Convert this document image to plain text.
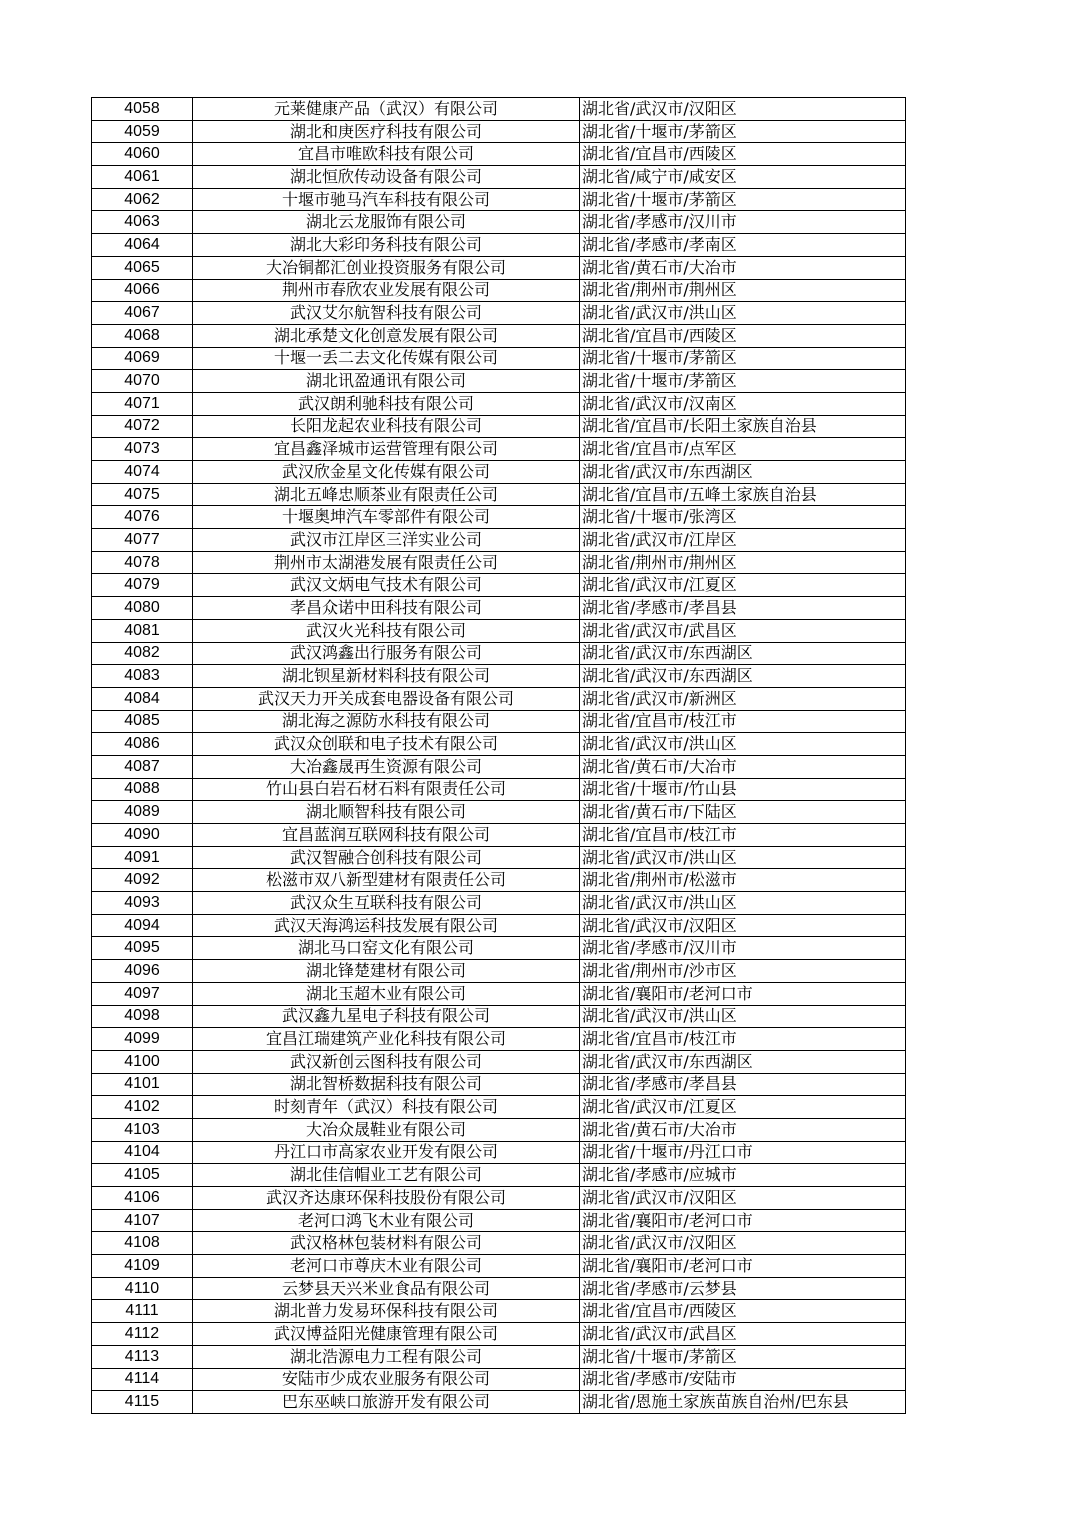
4058	元莱健康产品（武汉）有限公司	湖北省/武汉市/汉阳区
4059	湖北和庚医疗科技有限公司	湖北省/十堰市/茅箭区
4060	宜昌市唯欧科技有限公司	湖北省/宜昌市/西陵区
4061	湖北恒欣传动设备有限公司	湖北省/咸宁市/咸安区
4062	十堰市驰马汽车科技有限公司	湖北省/十堰市/茅箭区
4063	湖北云龙服饰有限公司	湖北省/孝感市/汉川市
4064	湖北大彩印务科技有限公司	湖北省/孝感市/孝南区
4065	大冶铜都汇创业投资服务有限公司	湖北省/黄石市/大冶市
4066	荆州市春欣农业发展有限公司	湖北省/荆州市/荆州区
4067	武汉艾尔航智科技有限公司	湖北省/武汉市/洪山区
4068	湖北承楚文化创意发展有限公司	湖北省/宜昌市/西陵区
4069	十堰一丢二去文化传媒有限公司	湖北省/十堰市/茅箭区
4070	湖北讯盈通讯有限公司	湖北省/十堰市/茅箭区
4071	武汉朗利驰科技有限公司	湖北省/武汉市/汉南区
4072	长阳龙起农业科技有限公司	湖北省/宜昌市/长阳土家族自治县
4073	宜昌鑫泽城市运营管理有限公司	湖北省/宜昌市/点军区
4074	武汉欣金星文化传媒有限公司	湖北省/武汉市/东西湖区
4075	湖北五峰忠顺茶业有限责任公司	湖北省/宜昌市/五峰土家族自治县
4076	十堰奥坤汽车零部件有限公司	湖北省/十堰市/张湾区
4077	武汉市江岸区三洋实业公司	湖北省/武汉市/江岸区
4078	荆州市太湖港发展有限责任公司	湖北省/荆州市/荆州区
4079	武汉文炳电气技术有限公司	湖北省/武汉市/江夏区
4080	孝昌众诺中田科技有限公司	湖北省/孝感市/孝昌县
4081	武汉火光科技有限公司	湖北省/武汉市/武昌区
4082	武汉鸿鑫出行服务有限公司	湖北省/武汉市/东西湖区
4083	湖北钡星新材料科技有限公司	湖北省/武汉市/东西湖区
4084	武汉天力开关成套电器设备有限公司	湖北省/武汉市/新洲区
4085	湖北海之源防水科技有限公司	湖北省/宜昌市/枝江市
4086	武汉众创联和电子技术有限公司	湖北省/武汉市/洪山区
4087	大冶鑫晟再生资源有限公司	湖北省/黄石市/大冶市
4088	竹山县白岩石材石料有限责任公司	湖北省/十堰市/竹山县
4089	湖北顺智科技有限公司	湖北省/黄石市/下陆区
4090	宜昌蓝润互联网科技有限公司	湖北省/宜昌市/枝江市
4091	武汉智融合创科技有限公司	湖北省/武汉市/洪山区
4092	松滋市双八新型建材有限责任公司	湖北省/荆州市/松滋市
4093	武汉众生互联科技有限公司	湖北省/武汉市/洪山区
4094	武汉天海鸿运科技发展有限公司	湖北省/武汉市/汉阳区
4095	湖北马口窑文化有限公司	湖北省/孝感市/汉川市
4096	湖北锋楚建材有限公司	湖北省/荆州市/沙市区
4097	湖北玉超木业有限公司	湖北省/襄阳市/老河口市
4098	武汉鑫九星电子科技有限公司	湖北省/武汉市/洪山区
4099	宜昌江瑞建筑产业化科技有限公司	湖北省/宜昌市/枝江市
4100	武汉新创云图科技有限公司	湖北省/武汉市/东西湖区
4101	湖北智桥数据科技有限公司	湖北省/孝感市/孝昌县
4102	时刻青年（武汉）科技有限公司	湖北省/武汉市/江夏区
4103	大冶众晟鞋业有限公司	湖北省/黄石市/大冶市
4104	丹江口市高家农业开发有限公司	湖北省/十堰市/丹江口市
4105	湖北佳信帽业工艺有限公司	湖北省/孝感市/应城市
4106	武汉齐达康环保科技股份有限公司	湖北省/武汉市/汉阳区
4107	老河口鸿飞木业有限公司	湖北省/襄阳市/老河口市
4108	武汉格林包装材料有限公司	湖北省/武汉市/汉阳区
4109	老河口市尊庆木业有限公司	湖北省/襄阳市/老河口市
4110	云梦县天兴米业食品有限公司	湖北省/孝感市/云梦县
4111	湖北普力发易环保科技有限公司	湖北省/宜昌市/西陵区
4112	武汉博益阳光健康管理有限公司	湖北省/武汉市/武昌区
4113	湖北浩源电力工程有限公司	湖北省/十堰市/茅箭区
4114	安陆市少成农业服务有限公司	湖北省/孝感市/安陆市
4115	巴东巫峡口旅游开发有限公司	湖北省/恩施土家族苗族自治州/巴东县
